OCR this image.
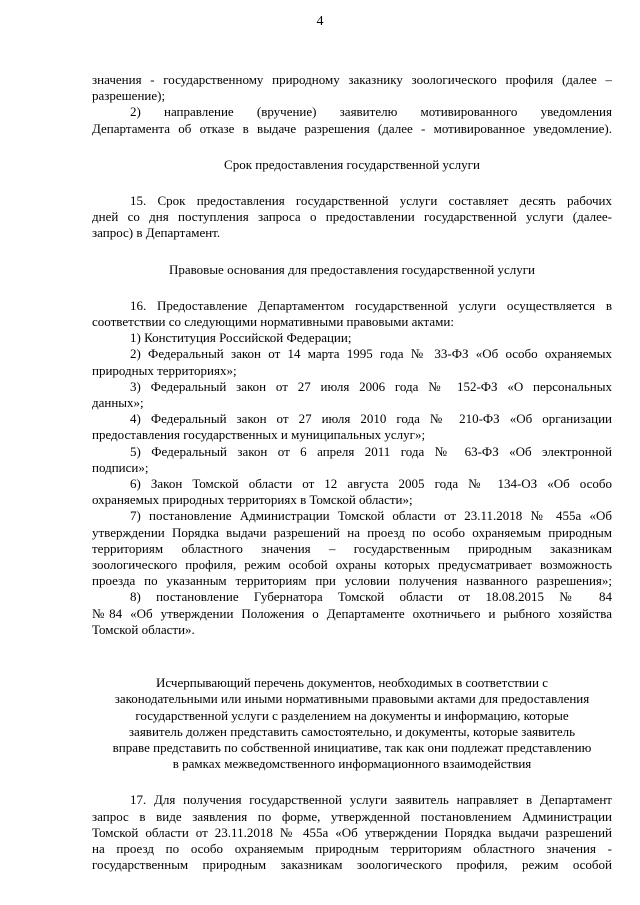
4

значения - государственному природному заказнику зоологического профиля (далее –

разрешение);

2) направление (вручение) заявителю мотивированного уведомления

Департамента об отказе в выдаче разрешения (далее - мотивированное уведомление).

Срок предоставления государственной услуги

15. Срок предоставления государственной услуги составляет десять рабочих

дней со дня поступления запроса о предоставлении государственной услуги (далее-

запрос) в Департамент.

Правовые основания для предоставления государственной услуги

16. Предоставление Департаментом государственной услуги осуществляется в

соответствии со следующими нормативными правовыми актами:

1) Конституция Российской Федерации;

2) Федеральный закон от 14 марта 1995 года № 33-ФЗ «Об особо охраняемых

природных территориях»;

3) Федеральный закон от 27 июля 2006 года № 152-ФЗ «О персональных

данных»;

4) Федеральный закон от 27 июля 2010 года № 210-ФЗ «Об организации

предоставления государственных и муниципальных услуг»;

5) Федеральный закон от 6 апреля 2011 года № 63-ФЗ «Об электронной

подписи»;

6) Закон Томской области от 12 августа 2005 года № 134-ОЗ «Об особо

охраняемых природных территориях в Томской области»;

7) постановление Администрации Томской области от 23.11.2018 № 455а «Об

утверждении Порядка выдачи разрешений на проезд по особо охраняемым природным

территориям областного значения – государственным природным заказникам

зоологического профиля, режим особой охраны которых предусматривает возможность

проезда по указанным территориям при условии получения названного разрешения»;

8) постановление Губернатора Томской области от 18.08.2015 № 84

№84 «Об утверждении Положения о Департаменте охотничьего и рыбного хозяйства

Томской области».

Исчерпывающий перечень документов, необходимых в соответствии с

законодательными или иными нормативными правовыми актами для предоставления

государственной услуги с разделением на документы и информацию, которые

заявитель должен представить самостоятельно, и документы, которые заявитель

вправе представить по собственной инициативе, так как они подлежат представлению

в рамках межведомственного информационного взаимодействия

17. Для получения государственной услуги заявитель направляет в Департамент

запрос в виде заявления по форме, утвержденной постановлением Администрации

Томской области от 23.11.2018 № 455а «Об утверждении Порядка выдачи разрешений

на проезд по особо охраняемым природным территориям областного значения -

государственным природным заказникам зоологического профиля, режим особой
